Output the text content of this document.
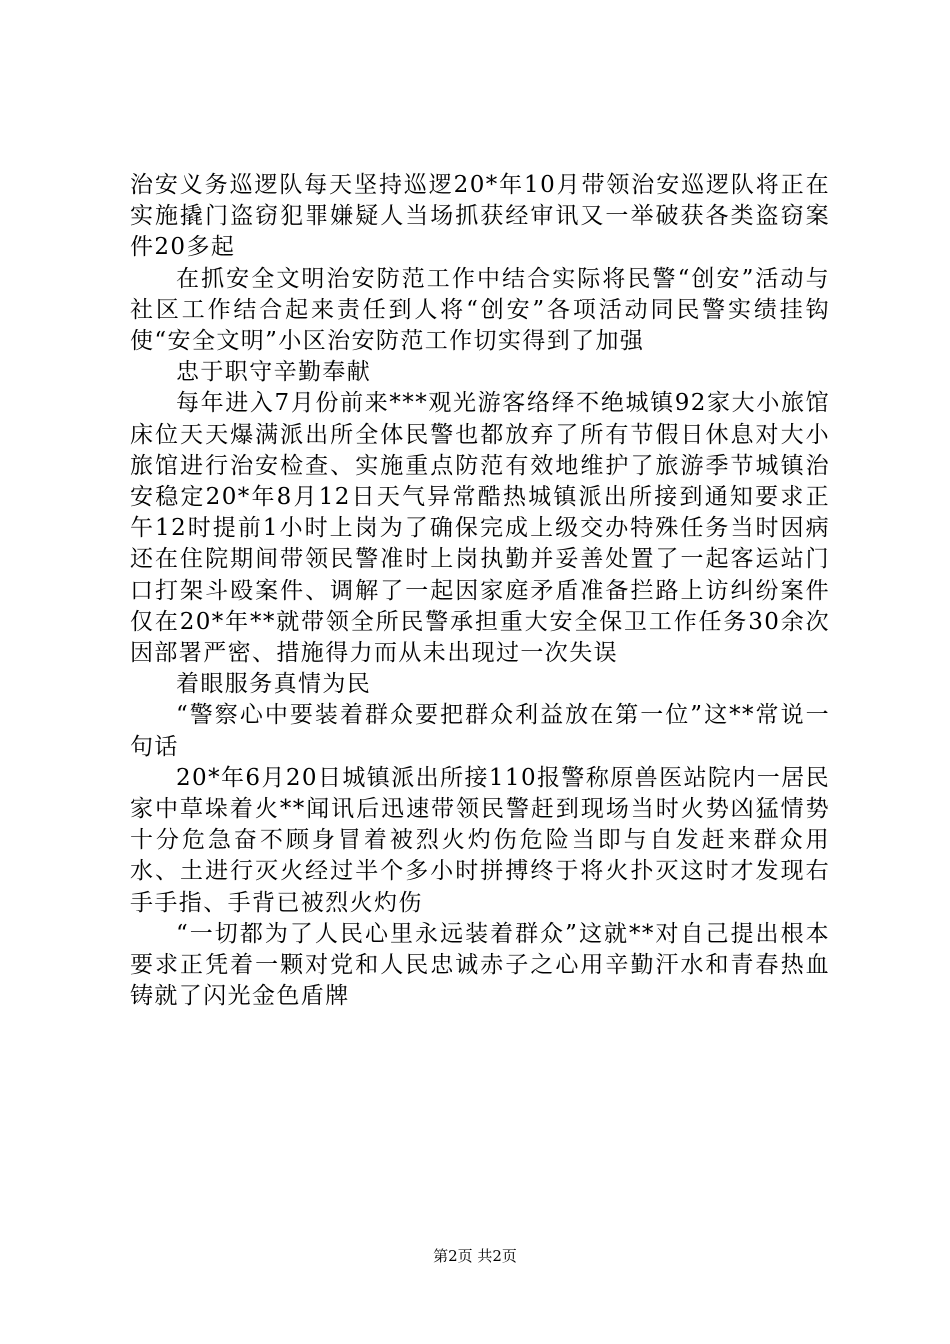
治安义务巡逻队每天坚持巡逻20*年10月带领治安巡逻队将正在实施撬门盗窃犯罪嫌疑人当场抓获经审讯又一举破获各类盗窃案件20多起

在抓安全文明治安防范工作中结合实际将民警“创安”活动与社区工作结合起来责任到人将“创安”各项活动同民警实绩挂钩使“安全文明”小区治安防范工作切实得到了加强

忠于职守辛勤奉献

每年进入7月份前来***观光游客络绎不绝城镇92家大小旅馆床位天天爆满派出所全体民警也都放弃了所有节假日休息对大小旅馆进行治安检查、实施重点防范有效地维护了旅游季节城镇治安稳定20*年8月12日天气异常酷热城镇派出所接到通知要求正午12时提前1小时上岗为了确保完成上级交办特殊任务当时因病还在住院期间带领民警准时上岗执勤并妥善处置了一起客运站门口打架斗殴案件、调解了一起因家庭矛盾准备拦路上访纠纷案件仅在20*年**就带领全所民警承担重大安全保卫工作任务30余次因部署严密、措施得力而从未出现过一次失误

着眼服务真情为民

“警察心中要装着群众要把群众利益放在第一位”这**常说一句话

20*年6月20日城镇派出所接110报警称原兽医站院内一居民家中草垛着火**闻讯后迅速带领民警赶到现场当时火势凶猛情势十分危急奋不顾身冒着被烈火灼伤危险当即与自发赶来群众用水、土进行灭火经过半个多小时拼搏终于将火扑灭这时才发现右手手指、手背已被烈火灼伤

“一切都为了人民心里永远装着群众”这就**对自己提出根本要求正凭着一颗对党和人民忠诚赤子之心用辛勤汗水和青春热血铸就了闪光金色盾牌

第2页 共2页
